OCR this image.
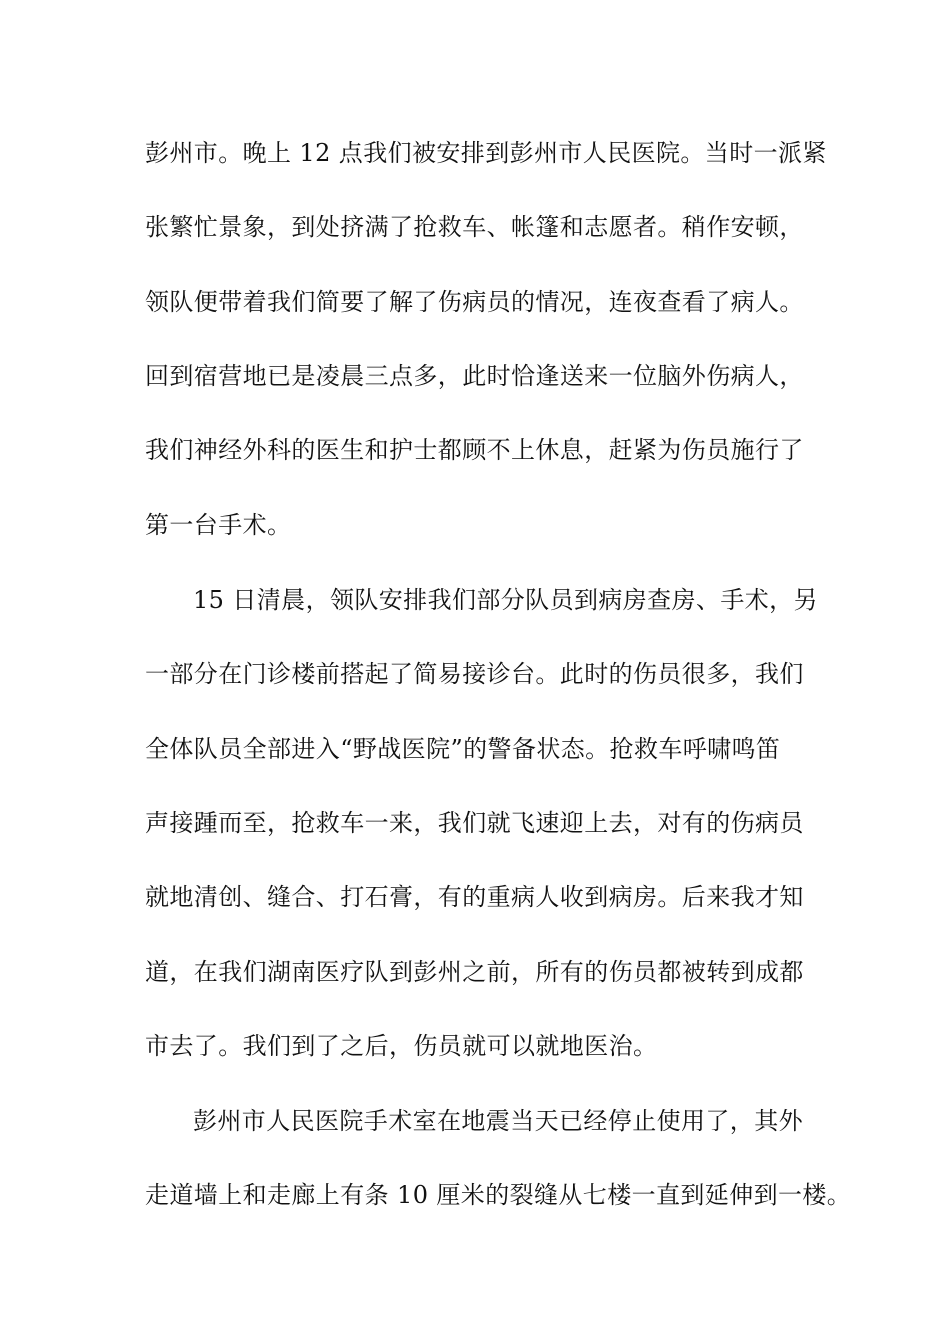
彭州市。晚上 12 点我们被安排到彭州市人民医院。当时一派紧
张繁忙景象，到处挤满了抢救车、帐篷和志愿者。稍作安顿，
领队便带着我们简要了解了伤病员的情况，连夜查看了病人。
回到宿营地已是凌晨三点多，此时恰逢送来一位脑外伤病人，
我们神经外科的医生和护士都顾不上休息，赶紧为伤员施行了
第一台手术。
15 日清晨，领队安排我们部分队员到病房查房、手术，另
一部分在门诊楼前搭起了简易接诊台。此时的伤员很多，我们
全体队员全部进入“野战医院”的警备状态。抢救车呼啸鸣笛
声接踵而至，抢救车一来，我们就飞速迎上去，对有的伤病员
就地清创、缝合、打石膏，有的重病人收到病房。后来我才知
道，在我们湖南医疗队到彭州之前，所有的伤员都被转到成都
市去了。我们到了之后，伤员就可以就地医治。
彭州市人民医院手术室在地震当天已经停止使用了，其外
走道墙上和走廊上有条 10 厘米的裂缝从七楼一直到延伸到一楼。
